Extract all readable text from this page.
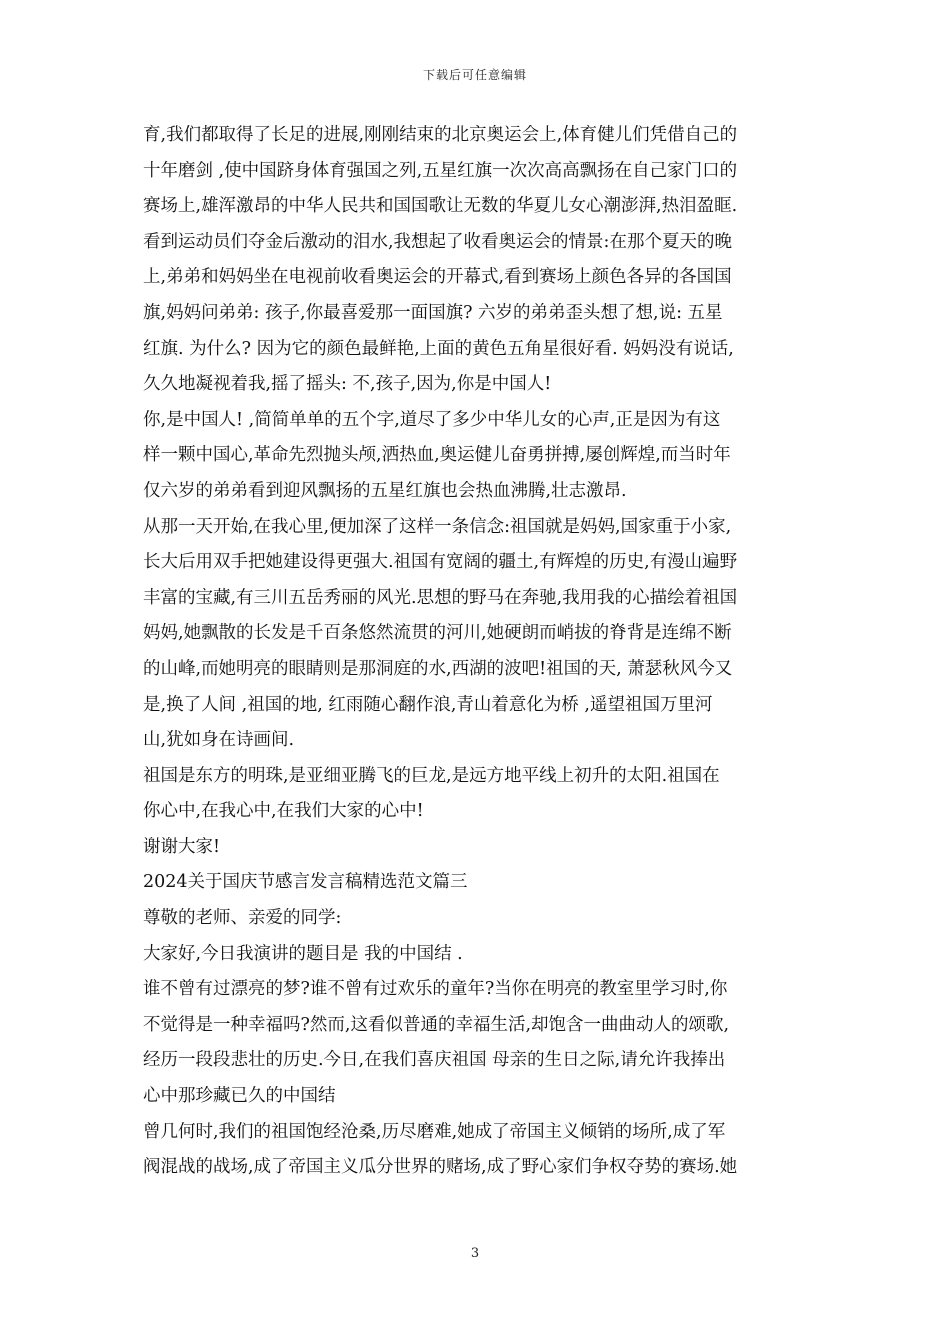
下载后可任意编辑
育,我们都取得了长足的进展,刚刚结束的北京奥运会上,体育健儿们凭借自己的
十年磨剑 ,使中国跻身体育强国之列,五星红旗一次次高高飘扬在自己家门口的
赛场上,雄浑激昂的中华人民共和国国歌让无数的华夏儿女心潮澎湃,热泪盈眶.
看到运动员们夺金后激动的泪水,我想起了收看奥运会的情景:在那个夏天的晚
上,弟弟和妈妈坐在电视前收看奥运会的开幕式,看到赛场上颜色各异的各国国
旗,妈妈问弟弟: 孩子,你最喜爱那一面国旗? 六岁的弟弟歪头想了想,说: 五星
红旗. 为什么? 因为它的颜色最鲜艳,上面的黄色五角星很好看. 妈妈没有说话,
久久地凝视着我,摇了摇头: 不,孩子,因为,你是中国人!
你,是中国人! ,简简单单的五个字,道尽了多少中华儿女的心声,正是因为有这
样一颗中国心,革命先烈抛头颅,洒热血,奥运健儿奋勇拼搏,屡创辉煌,而当时年
仅六岁的弟弟看到迎风飘扬的五星红旗也会热血沸腾,壮志激昂.
从那一天开始,在我心里,便加深了这样一条信念:祖国就是妈妈,国家重于小家,
长大后用双手把她建设得更强大.祖国有宽阔的疆土,有辉煌的历史,有漫山遍野
丰富的宝藏,有三川五岳秀丽的风光.思想的野马在奔驰,我用我的心描绘着祖国
妈妈,她飘散的长发是千百条悠然流贯的河川,她硬朗而峭拔的脊背是连绵不断
的山峰,而她明亮的眼睛则是那洞庭的水,西湖的波吧!祖国的天, 萧瑟秋风今又
是,换了人间 ,祖国的地, 红雨随心翻作浪,青山着意化为桥 ,遥望祖国万里河
山,犹如身在诗画间.
祖国是东方的明珠,是亚细亚腾飞的巨龙,是远方地平线上初升的太阳.祖国在
你心中,在我心中,在我们大家的心中!
谢谢大家!
2024关于国庆节感言发言稿精选范文篇三
尊敬的老师、亲爱的同学:
大家好,今日我演讲的题目是 我的中国结 .
谁不曾有过漂亮的梦?谁不曾有过欢乐的童年?当你在明亮的教室里学习时,你
不觉得是一种幸福吗?然而,这看似普通的幸福生活,却饱含一曲曲动人的颂歌,
经历一段段悲壮的历史.今日,在我们喜庆祖国 母亲的生日之际,请允许我捧出
心中那珍藏已久的中国结
曾几何时,我们的祖国饱经沧桑,历尽磨难,她成了帝国主义倾销的场所,成了军
阀混战的战场,成了帝国主义瓜分世界的赌场,成了野心家们争权夺势的赛场.她
3
